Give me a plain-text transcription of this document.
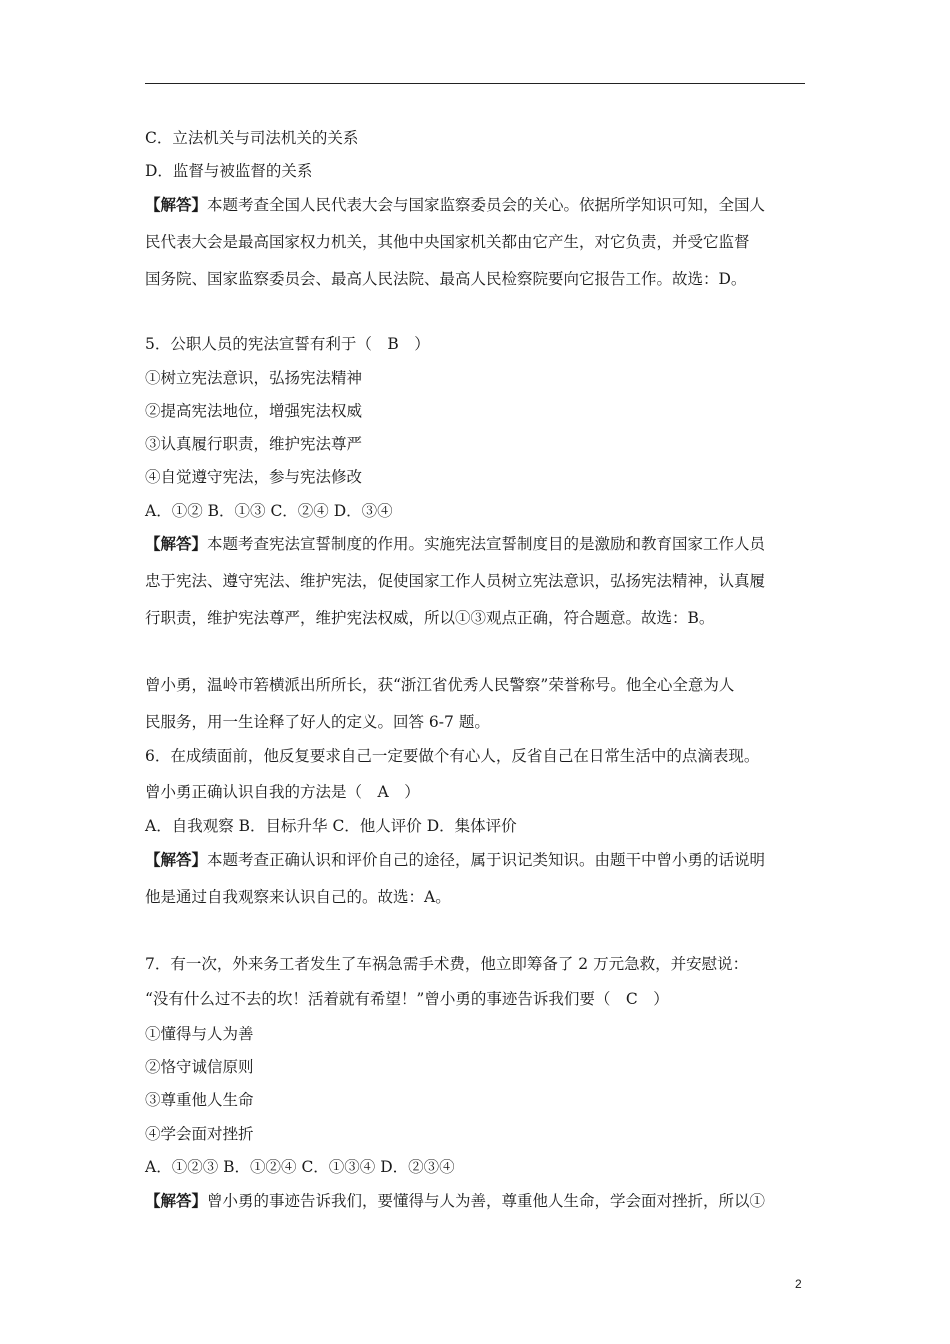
C．立法机关与司法机关的关系
D．监督与被监督的关系
【解答】本题考查全国人民代表大会与国家监察委员会的关心。依据所学知识可知，全国人
民代表大会是最高国家权力机关，其他中央国家机关都由它产生，对它负责，并受它监督
国务院、国家监察委员会、最高人民法院、最高人民检察院要向它报告工作。故选：D。
5．公职人员的宪法宣誓有利于（　B　）
①树立宪法意识，弘扬宪法精神
②提高宪法地位，增强宪法权威
③认真履行职责，维护宪法尊严
④自觉遵守宪法，参与宪法修改
A．①② B．①③ C．②④ D．③④
【解答】本题考查宪法宣誓制度的作用。实施宪法宣誓制度目的是激励和教育国家工作人员
忠于宪法、遵守宪法、维护宪法，促使国家工作人员树立宪法意识，弘扬宪法精神，认真履
行职责，维护宪法尊严，维护宪法权威，所以①③观点正确，符合题意。故选：B。
曾小勇，温岭市箬横派出所所长，获“浙江省优秀人民警察”荣誉称号。他全心全意为人
民服务，用一生诠释了好人的定义。回答 6-7 题。
6．在成绩面前，他反复要求自己一定要做个有心人，反省自己在日常生活中的点滴表现。
曾小勇正确认识自我的方法是（　A　）
A．自我观察 B．目标升华 C．他人评价 D．集体评价
【解答】本题考查正确认识和评价自己的途径，属于识记类知识。由题干中曾小勇的话说明
他是通过自我观察来认识自己的。故选：A。
7．有一次，外来务工者发生了车祸急需手术费，他立即筹备了 2 万元急救，并安慰说：
“没有什么过不去的坎！活着就有希望！”曾小勇的事迹告诉我们要（　C　）
①懂得与人为善
②恪守诚信原则
③尊重他人生命
④学会面对挫折
A．①②③ B．①②④ C．①③④ D．②③④
【解答】曾小勇的事迹告诉我们，要懂得与人为善，尊重他人生命，学会面对挫折，所以①
2
